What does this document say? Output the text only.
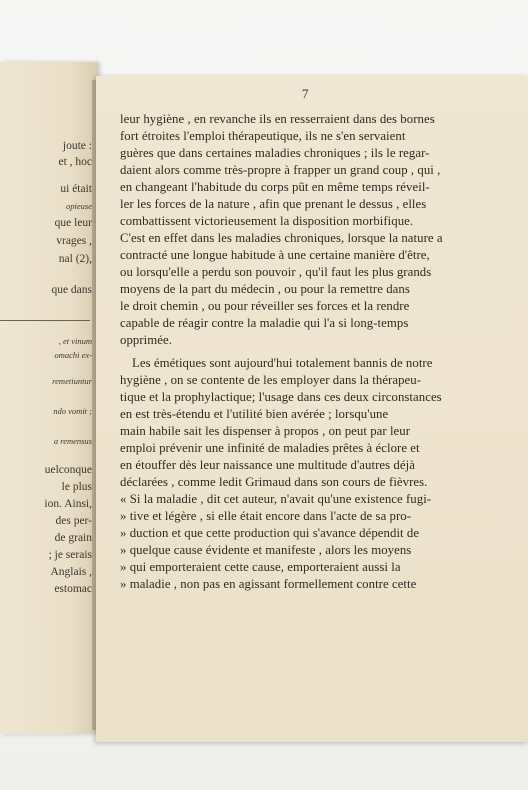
joute :
et , hoc
ui était
opieuse
que leur
vrages ,
nal (2),
que dans
, et vinum
omachi ex-
remetiuntur
ndo vomit ;
a remensus
uelconque
le plus
ion. Ainsi,
des per-
de grain
; je serais
Anglais ,
estomac
7
leur hygiène , en revanche ils en resserraient dans des bornes
fort étroites l'emploi thérapeutique, ils ne s'en servaient
guères que dans certaines maladies chroniques ; ils le regar-
daient alors comme très-propre à frapper un grand coup , qui ,
en changeant l'habitude du corps pût en même temps réveil-
ler les forces de la nature , afin que prenant le dessus , elles
combattissent victorieusement la disposition morbifique.
C'est en effet dans les maladies chroniques, lorsque la nature a
contracté une longue habitude à une certaine manière d'être,
ou lorsqu'elle a perdu son pouvoir , qu'il faut les plus grands
moyens de la part du médecin , ou pour la remettre dans
le droit chemin , ou pour réveiller ses forces et la rendre
capable de réagir contre la maladie qui l'a si long-temps
opprimée.
Les émétiques sont aujourd'hui totalement bannis de notre
hygiène , on se contente de les employer dans la thérapeu-
tique et la prophylactique; l'usage dans ces deux circonstances
en est très-étendu et l'utilité bien avérée ; lorsqu'une
main habile sait les dispenser à propos , on peut par leur
emploi prévenir une infinité de maladies prêtes à éclore et
en étouffer dès leur naissance une multitude d'autres déjà
déclarées , comme ledit Grimaud dans son cours de fièvres.
« Si la maladie , dit cet auteur, n'avait qu'une existence fugi-
» tive et légère , si elle était encore dans l'acte de sa pro-
» duction et que cette production qui s'avance dépendit de
» quelque cause évidente et manifeste , alors les moyens
» qui emporteraient cette cause, emporteraient aussi la
» maladie , non pas en agissant formellement contre cette
